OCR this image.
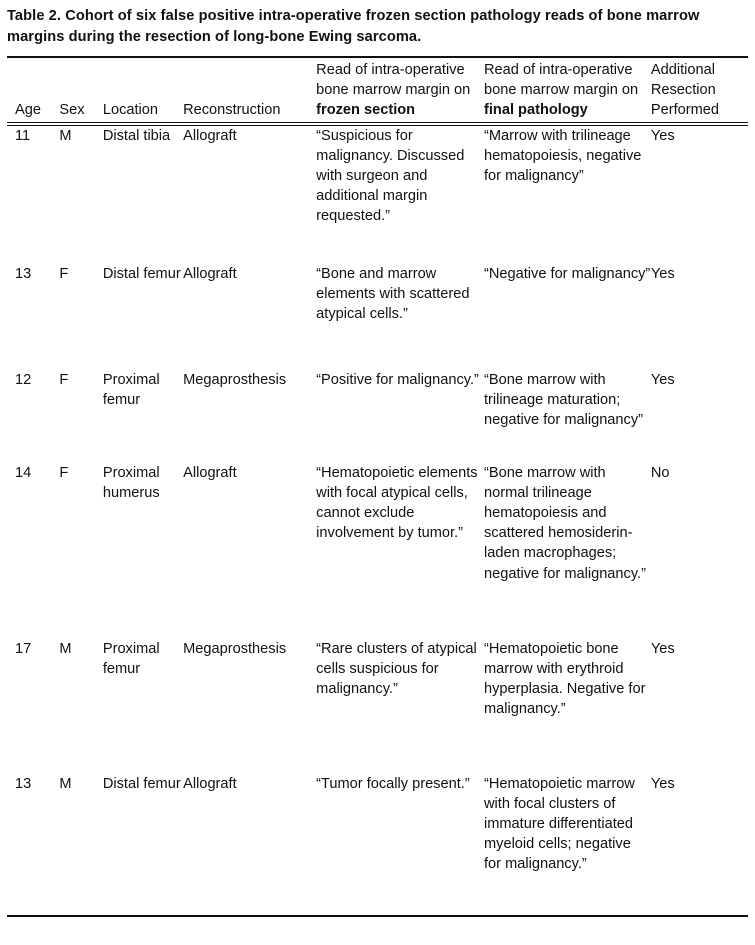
Table 2. Cohort of six false positive intra-operative frozen section pathology reads of bone marrow margins during the resection of long-bone Ewing sarcoma.
Age	Sex	Location	Reconstruction	Read of intra-operative bone marrow margin on frozen section	Read of intra-operative bone marrow margin on final pathology	Additional Resection Performed
11	M	Distal tibia	Allograft	“Suspicious for malignancy. Discussed with surgeon and additional margin requested.”	“Marrow with trilineage hematopoiesis, negative for malignancy”	Yes
13	F	Distal femur	Allograft	“Bone and marrow elements with scattered atypical cells.”	“Negative for malignancy”	Yes
12	F	Proximal femur	Megaprosthesis	“Positive for malignancy.”	“Bone marrow with trilineage maturation; negative for malignancy”	Yes
14	F	Proximal humerus	Allograft	“Hematopoietic elements with focal atypical cells, cannot exclude involvement by tumor.”	“Bone marrow with normal trilineage hematopoiesis and scattered hemosiderin-laden macrophages; negative for malignancy.”	No
17	M	Proximal femur	Megaprosthesis	“Rare clusters of atypical cells suspicious for malignancy.”	“Hematopoietic bone marrow with erythroid hyperplasia. Negative for malignancy.”	Yes
13	M	Distal femur	Allograft	“Tumor focally present.”	“Hematopoietic marrow with focal clusters of immature differentiated myeloid cells; negative for malignancy.”	Yes
